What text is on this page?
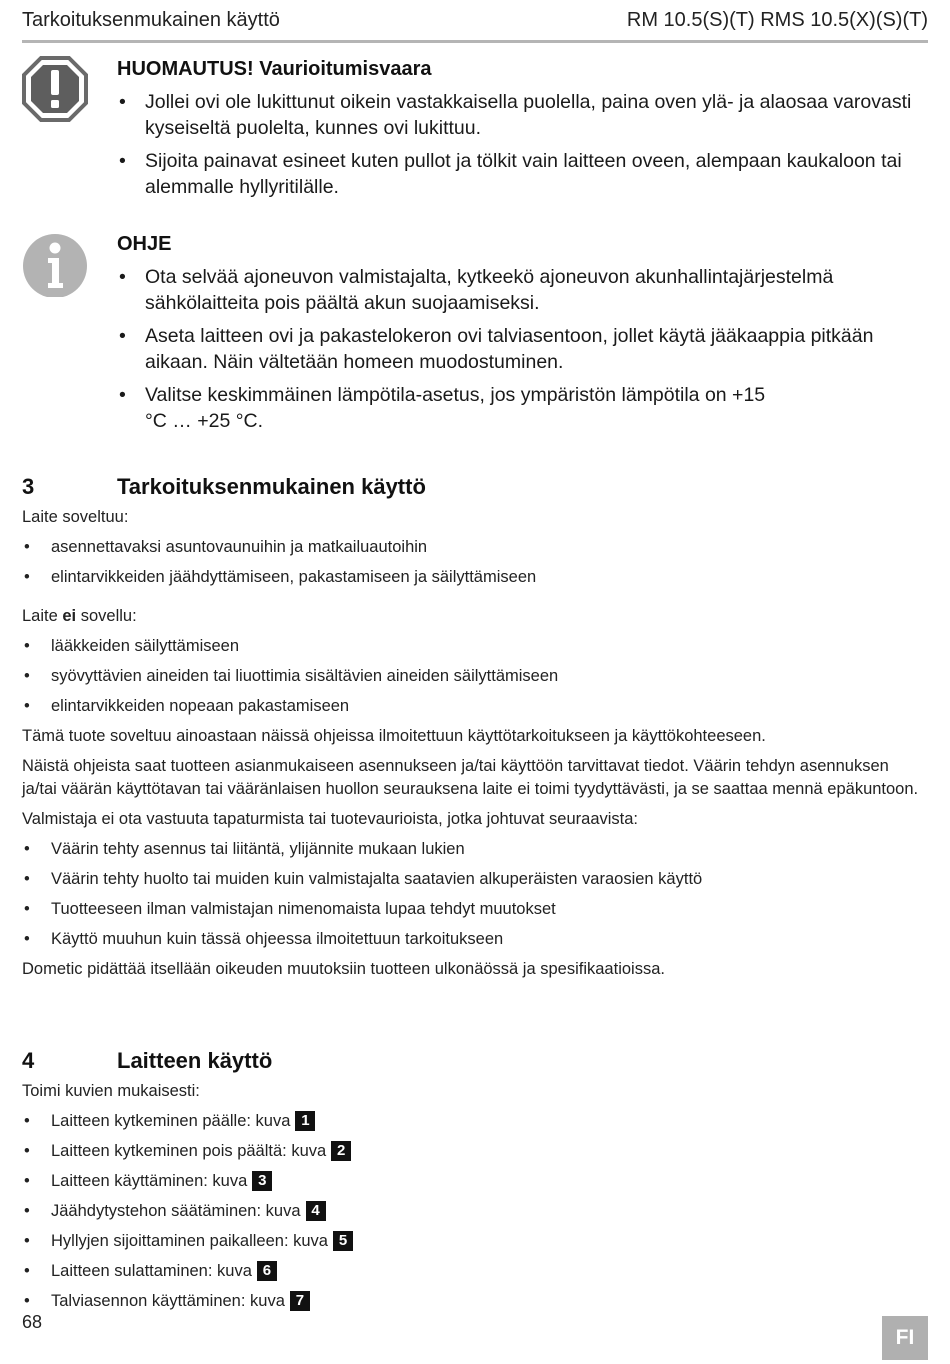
Tarkoituksenmukainen käyttö	RM 10.5(S)(T) RMS 10.5(X)(S)(T)
HUOMAUTUS! Vaurioitumisvaara
• Jollei ovi ole lukittunut oikein vastakkaisella puolella, paina oven ylä- ja alaosaa varovasti kyseiseltä puolelta, kunnes ovi lukittuu.
• Sijoita painavat esineet kuten pullot ja tölkit vain laitteen oveen, alempaan kaukaloon tai alemmalle hyllyritilälle.
OHJE
• Ota selvää ajoneuvon valmistajalta, kytkeekö ajoneuvon akunhallintajärjestelmä sähkölaitteita pois päältä akun suojaamiseksi.
• Aseta laitteen ovi ja pakastelokeron ovi talviasentoon, jollet käytä jääkaappia pitkään aikaan. Näin vältetään homeen muodostuminen.
• Valitse keskimmäinen lämpötila-asetus, jos ympäristön lämpötila on +15 °C … +25 °C.
3	Tarkoituksenmukainen käyttö

Laite soveltuu:

• asennettavaksi asuntovaunuihin ja matkailuautoihin
• elintarvikkeiden jäähdyttämiseen, pakastamiseen ja säilyttämiseen

Laite ei sovellu:

• lääkkeiden säilyttämiseen
• syövyttävien aineiden tai liuottimia sisältävien aineiden säilyttämiseen
• elintarvikkeiden nopeaan pakastamiseen

Tämä tuote soveltuu ainoastaan näissä ohjeissa ilmoitettuun käyttötarkoitukseen ja käyttökohteeseen.

Näistä ohjeista saat tuotteen asianmukaiseen asennukseen ja/tai käyttöön tarvittavat tiedot. Väärin tehdyn asennuksen ja/tai väärän käyttötavan tai vääränlaisen huollon seurauksena laite ei toimi tyydyttävästi, ja se saattaa mennä epäkuntoon.

Valmistaja ei ota vastuuta tapaturmista tai tuotevaurioista, jotka johtuvat seuraavista:

• Väärin tehty asennus tai liitäntä, ylijännite mukaan lukien
• Väärin tehty huolto tai muiden kuin valmistajalta saatavien alkuperäisten varaosien käyttö
• Tuotteeseen ilman valmistajan nimenomaista lupaa tehdyt muutokset
• Käyttö muuhun kuin tässä ohjeessa ilmoitettuun tarkoitukseen

Dometic pidättää itsellään oikeuden muutoksiin tuotteen ulkonäössä ja spesifikaatioissa.

4	Laitteen käyttö

Toimi kuvien mukaisesti:

• Laitteen kytkeminen päälle: kuva 1
• Laitteen kytkeminen pois päältä: kuva 2
• Laitteen käyttäminen: kuva 3
• Jäähdytystehon säätäminen: kuva 4
• Hyllyjen sijoittaminen paikalleen: kuva 5
• Laitteen sulattaminen: kuva 6
• Talviasennon käyttäminen: kuva 7
68
FI
